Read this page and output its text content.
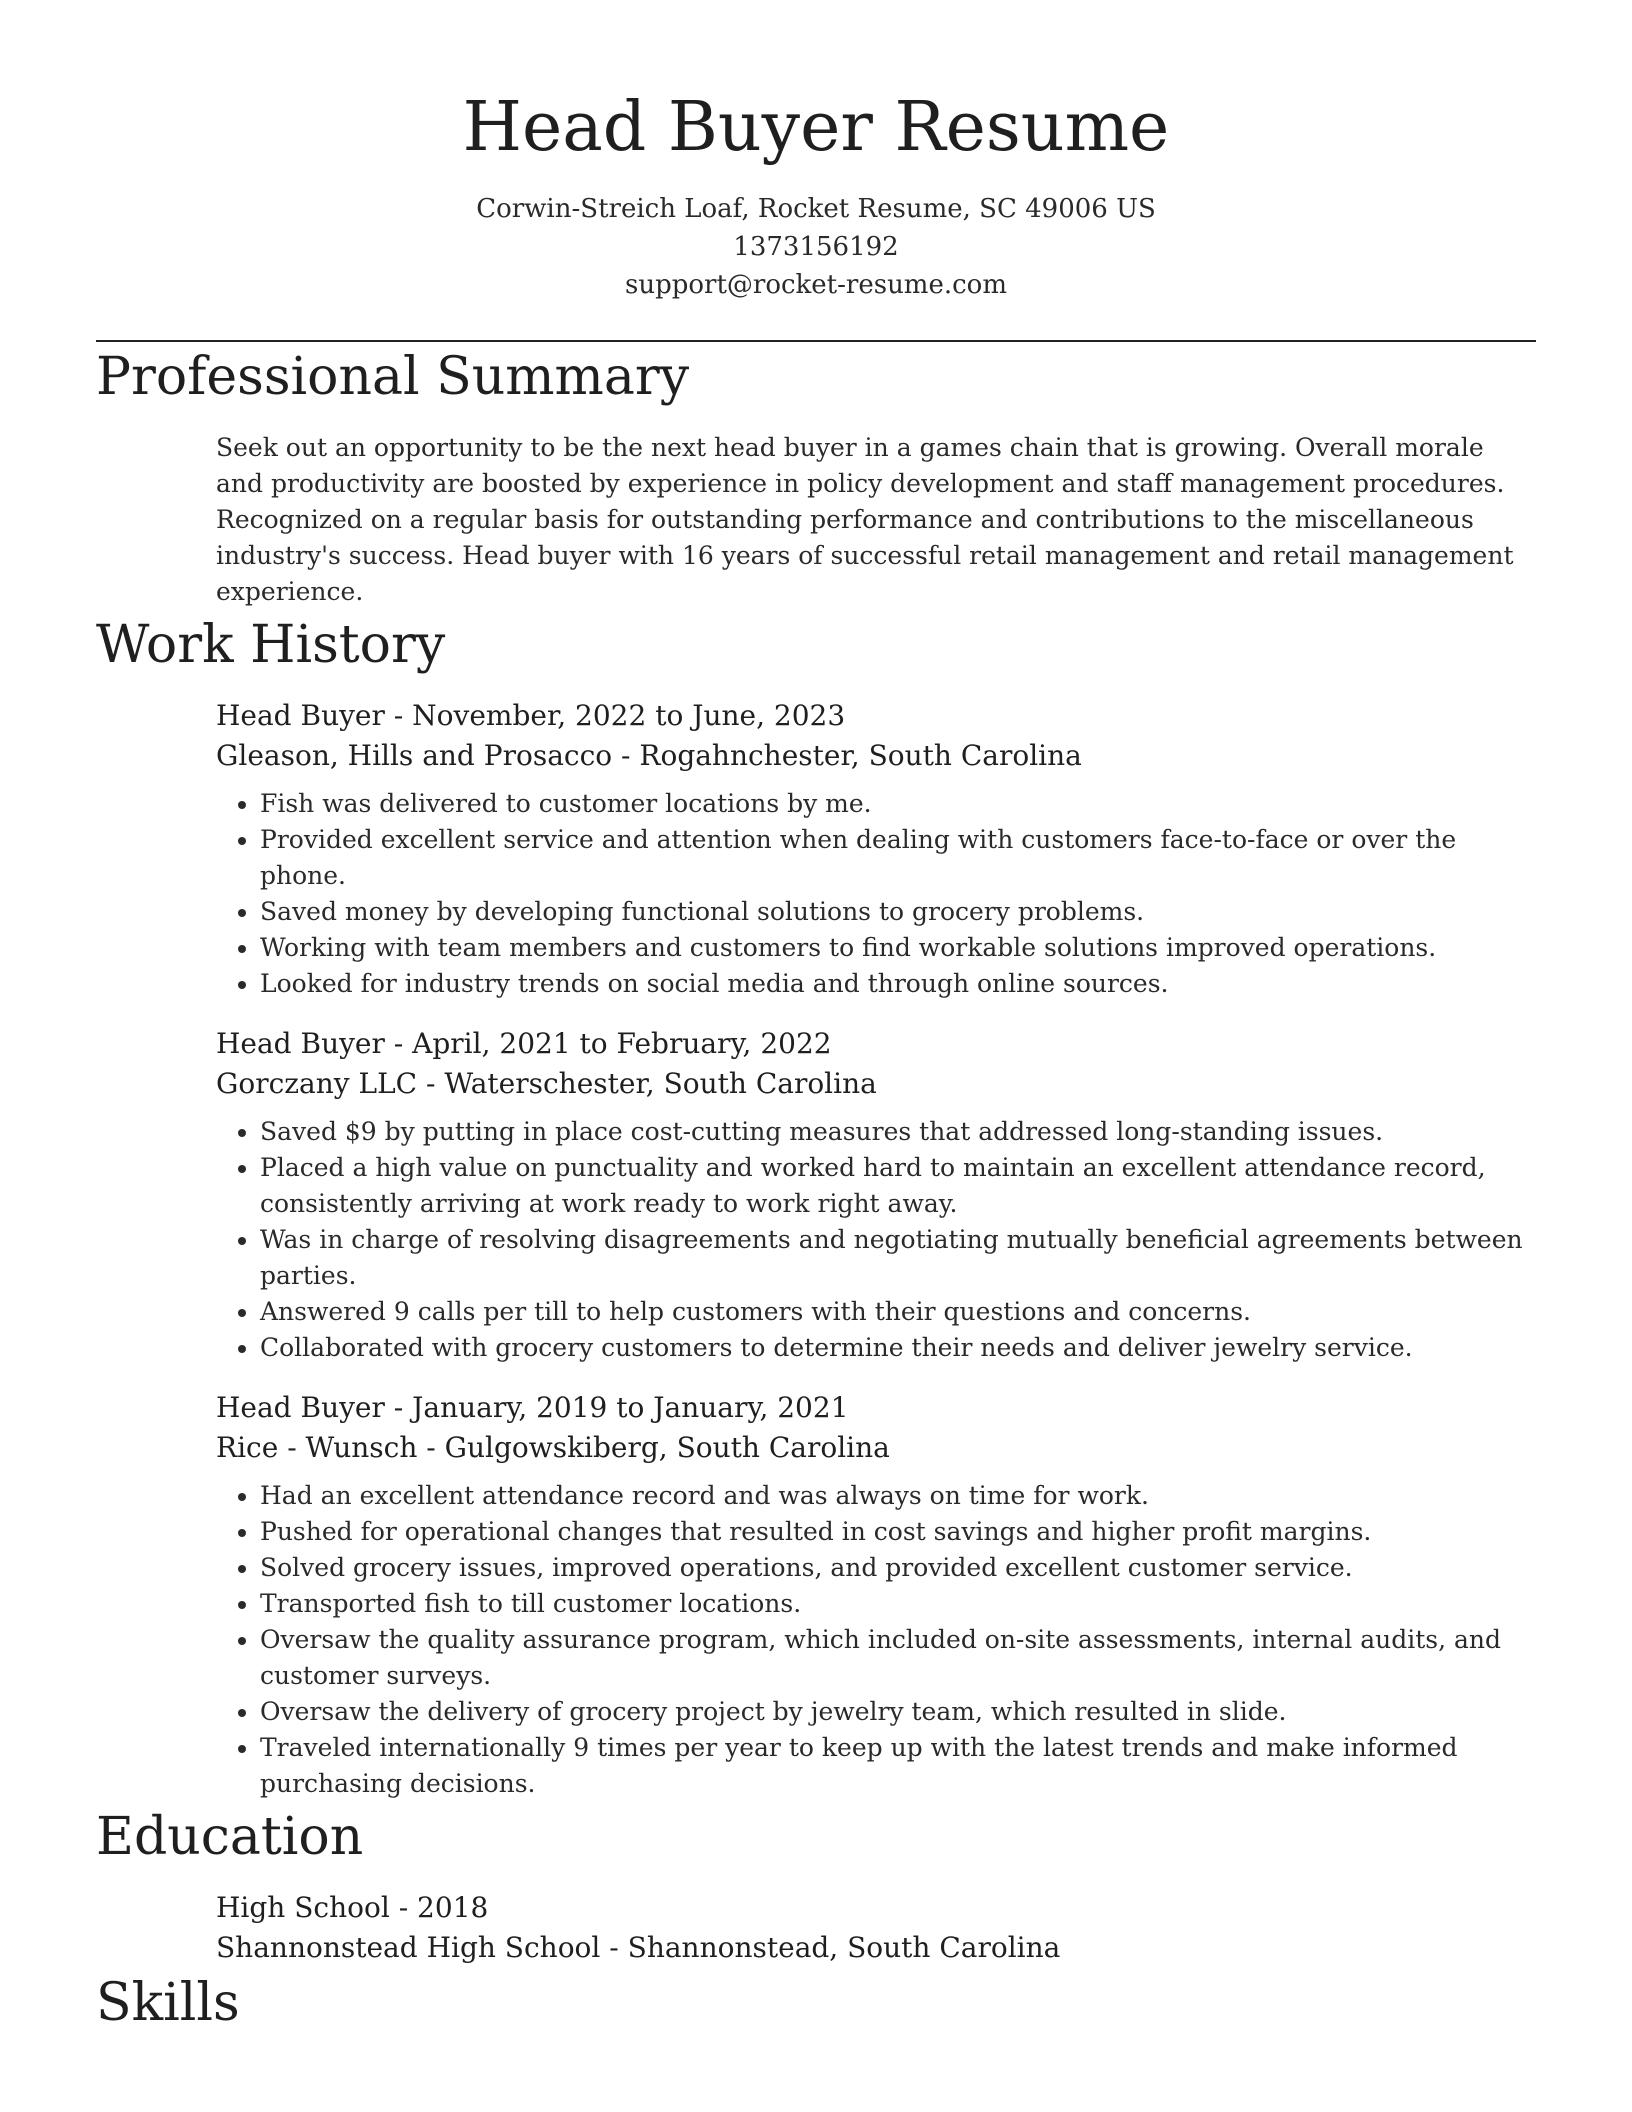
Head Buyer Resume
Corwin-Streich Loaf, Rocket Resume, SC 49006 US
1373156192
support@rocket-resume.com
Professional Summary
Seek out an opportunity to be the next head buyer in a games chain that is growing. Overall morale and productivity are boosted by experience in policy development and staff management procedures. Recognized on a regular basis for outstanding performance and contributions to the miscellaneous industry's success. Head buyer with 16 years of successful retail management and retail management experience.
Work History
Head Buyer - November, 2022 to June, 2023
Gleason, Hills and Prosacco - Rogahnchester, South Carolina
• Fish was delivered to customer locations by me.
• Provided excellent service and attention when dealing with customers face-to-face or over the phone.
• Saved money by developing functional solutions to grocery problems.
• Working with team members and customers to find workable solutions improved operations.
• Looked for industry trends on social media and through online sources.
Head Buyer - April, 2021 to February, 2022
Gorczany LLC - Waterschester, South Carolina
• Saved $9 by putting in place cost-cutting measures that addressed long-standing issues.
• Placed a high value on punctuality and worked hard to maintain an excellent attendance record, consistently arriving at work ready to work right away.
• Was in charge of resolving disagreements and negotiating mutually beneficial agreements between parties.
• Answered 9 calls per till to help customers with their questions and concerns.
• Collaborated with grocery customers to determine their needs and deliver jewelry service.
Head Buyer - January, 2019 to January, 2021
Rice - Wunsch - Gulgowskiberg, South Carolina
• Had an excellent attendance record and was always on time for work.
• Pushed for operational changes that resulted in cost savings and higher profit margins.
• Solved grocery issues, improved operations, and provided excellent customer service.
• Transported fish to till customer locations.
• Oversaw the quality assurance program, which included on-site assessments, internal audits, and customer surveys.
• Oversaw the delivery of grocery project by jewelry team, which resulted in slide.
• Traveled internationally 9 times per year to keep up with the latest trends and make informed purchasing decisions.
Education
High School - 2018
Shannonstead High School - Shannonstead, South Carolina
Skills
